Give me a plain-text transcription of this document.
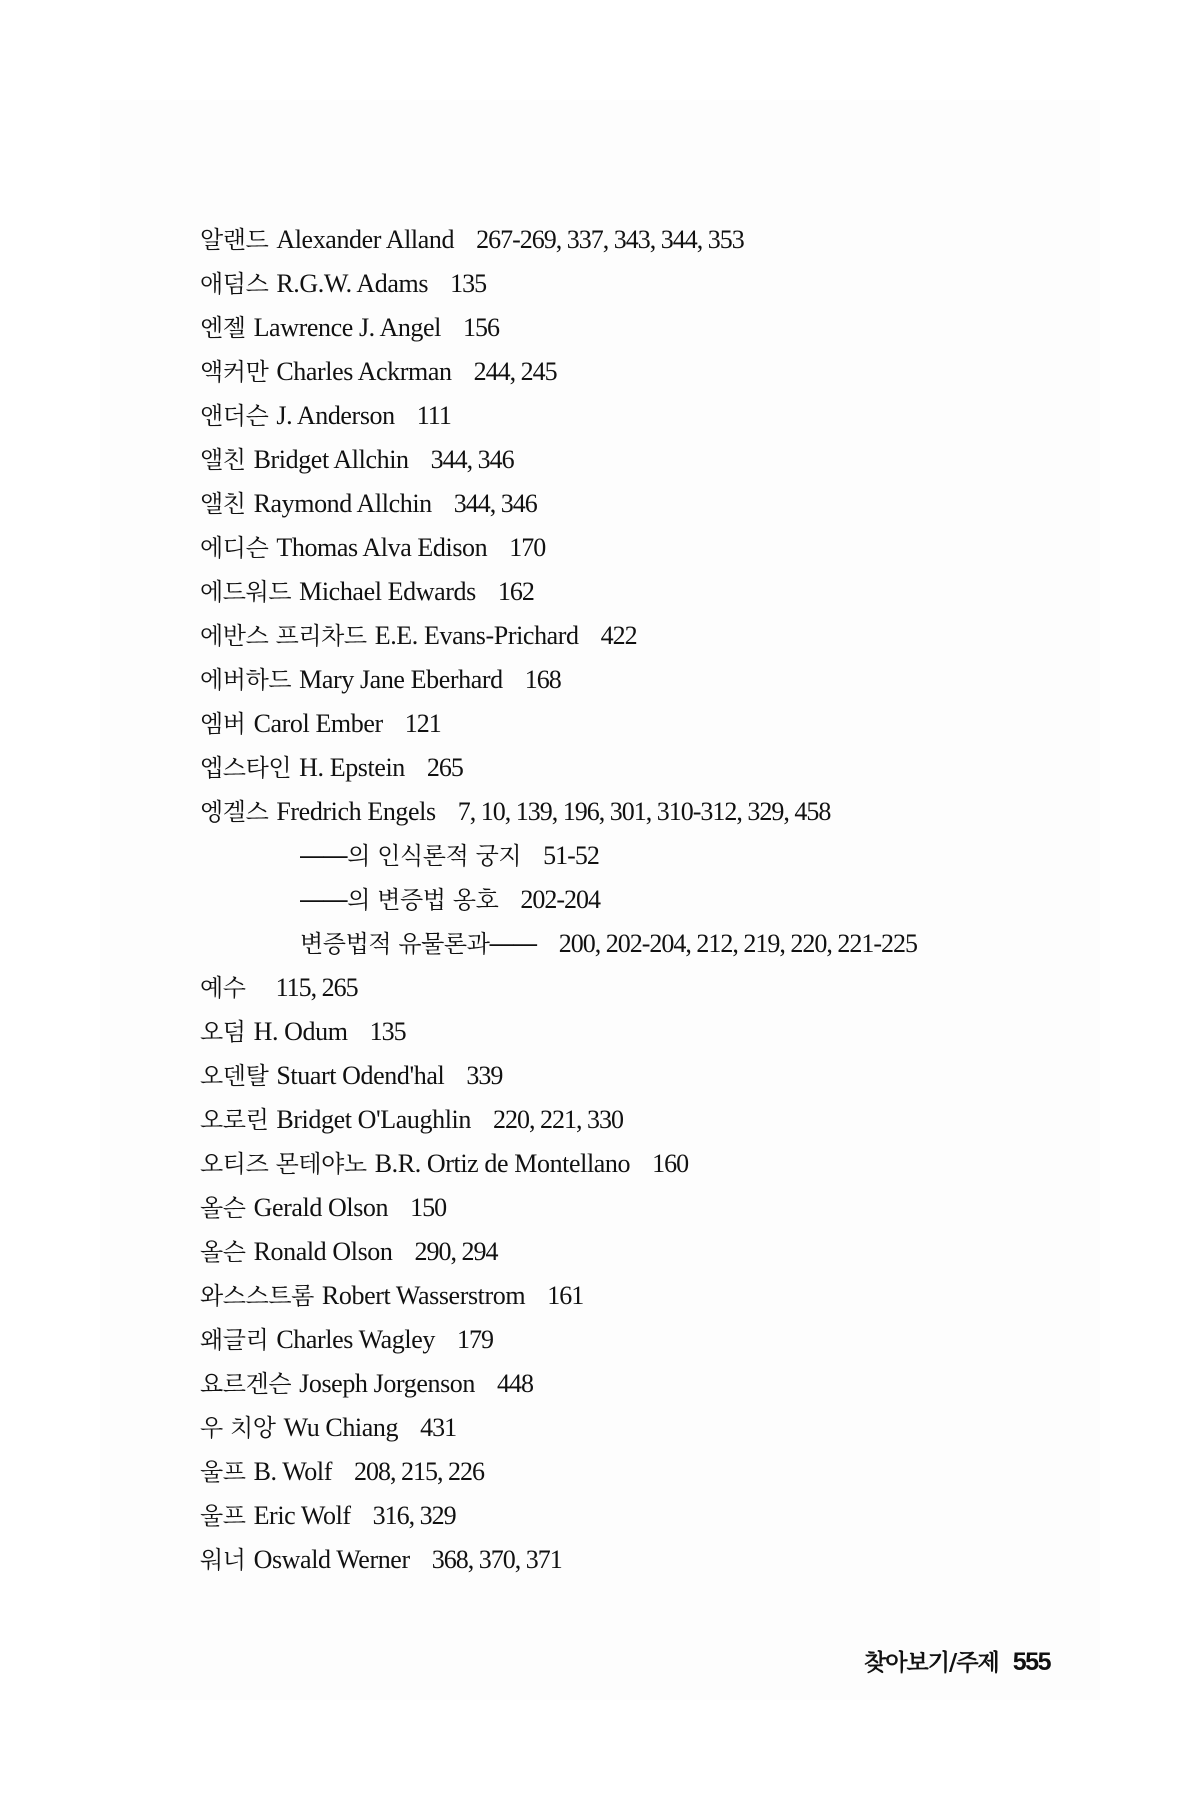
알랜드 Alexander Alland 267-269, 337, 343, 344, 353
애덤스 R.G.W. Adams 135
엔젤 Lawrence J. Angel 156
액커만 Charles Ackrman 244, 245
앤더슨 J. Anderson 111
앨친 Bridget Allchin 344, 346
앨친 Raymond Allchin 344, 346
에디슨 Thomas Alva Edison 170
에드워드 Michael Edwards 162
에반스 프리차드 E.E. Evans-Prichard 422
에버하드 Mary Jane Eberhard 168
엠버 Carol Ember 121
엡스타인 H. Epstein 265
엥겔스 Fredrich Engels 7, 10, 139, 196, 301, 310-312, 329, 458
――의 인식론적 궁지 51-52
――의 변증법 옹호 202-204
변증법적 유물론과―― 200, 202-204, 212, 219, 220, 221-225
예수 115, 265
오덤 H. Odum 135
오덴탈 Stuart Odend'hal 339
오로린 Bridget O'Laughlin 220, 221, 330
오티즈 몬테야노 B.R. Ortiz de Montellano 160
올슨 Gerald Olson 150
올슨 Ronald Olson 290, 294
와스스트롬 Robert Wasserstrom 161
왜글리 Charles Wagley 179
요르겐슨 Joseph Jorgenson 448
우 치앙 Wu Chiang 431
울프 B. Wolf 208, 215, 226
울프 Eric Wolf 316, 329
워너 Oswald Werner 368, 370, 371
찾아보기/주제 555
